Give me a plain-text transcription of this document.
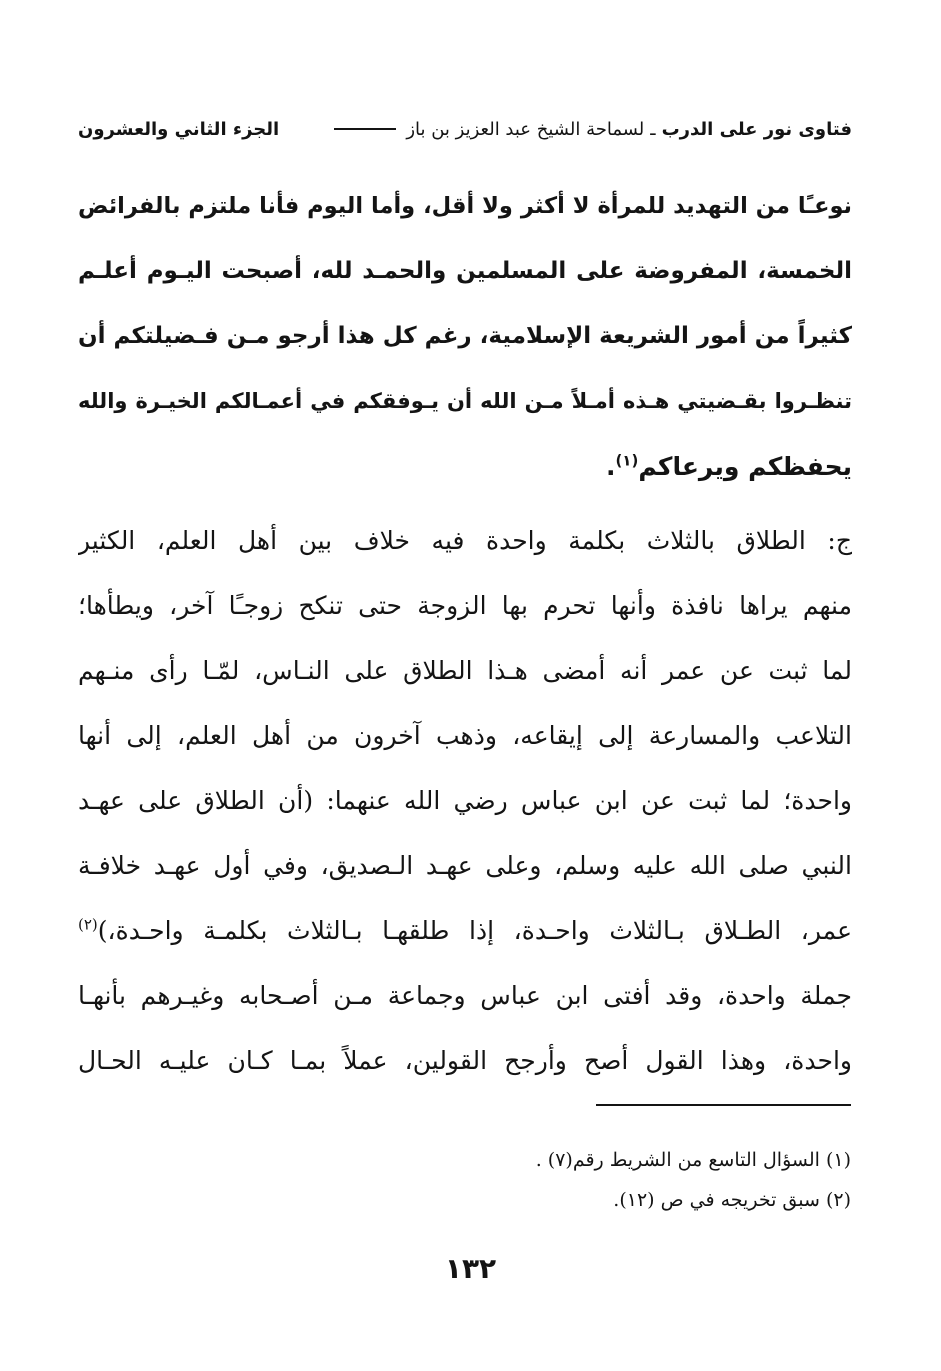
فتاوى نور على الدرب
ـ
لسماحة الشيخ عبد العزيز بن باز
الجزء الثاني والعشرون
نوعـًا من التهديد للمرأة لا أكثر ولا أقل، وأما اليوم فأنا ملتزم بالفرائض
الخمسة، المفروضة على المسلمين والحمـد لله، أصبحت اليـوم أعلـم
كثيراً من أمور الشريعة الإسلامية، رغم كل هذا أرجو مـن فـضيلتكم أن
تنظـروا بقـضيتي هـذه أمـلاً مـن الله أن يـوفقكم في أعمـالكم الخيـرة والله
يحفظكم ويرعاكم$^{(١)}$.
ج: الطلاق بالثلاث بكلمة واحدة فيه خلاف بين أهل العلم، الكثير
منهم يراها نافذة وأنها تحرم بها الزوجة حتى تنكح زوجـًا آخر، ويطأها؛
لما ثبت عن عمر أنه أمضى هـذا الطلاق على النـاس، لمّـا رأى منـهم
التلاعب والمسارعة إلى إيقاعه، وذهب آخرون من أهل العلم، إلى أنها
واحدة؛ لما ثبت عن ابن عباس رضي الله عنهما: (أن الطلاق على عهـد
النبي صلى الله عليه وسلم، وعلى عهـد الـصديق، وفي أول عهـد خلافـة
عمر، الطـلاق بـالثلاث واحـدة، إذا طلقهـا بـالثلاث بكلمـة واحـدة،)$^{(٢)}$
جملة واحدة، وقد أفتى ابن عباس وجماعة مـن أصـحابه وغيـرهم بأنهـا
واحدة، وهذا القول أصح وأرجح القولين، عملاً بمـا كـان عليـه الحـال
(١) السؤال التاسع من الشريط رقم(٧) .
(٢) سبق تخريجه في ص (١٢).
١٣٢
